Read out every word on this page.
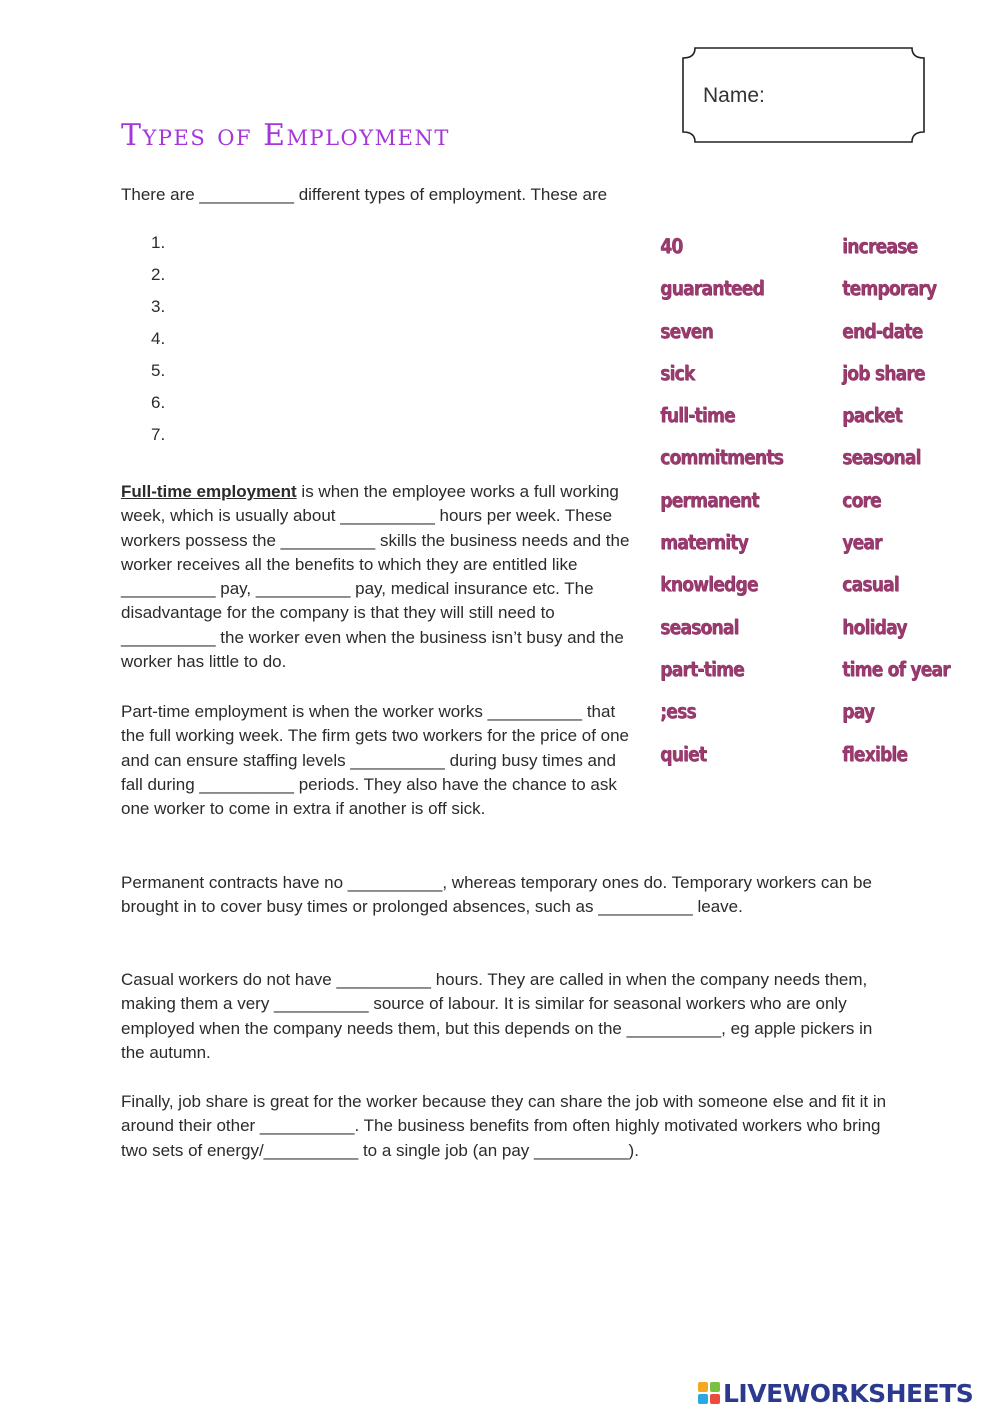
Name:
Types of Employment
There are __________ different types of employment. These are
1.
2.
3.
4.
5.
6.
7.

Full-time employment is when the employee works a full working week, which is usually about __________ hours per week. These workers possess the __________ skills the business needs and the worker receives all the benefits to which they are entitled like __________ pay, __________ pay, medical insurance etc. The disadvantage for the company is that they will still need to __________ the worker even when the business isn’t busy and the worker has little to do.

Part-time employment is when the worker works __________ that the full working week. The firm gets two workers for the price of one and can ensure staffing levels __________ during busy times and fall during __________ periods. They also have the chance to ask one worker to come in extra if another is off sick.

Permanent contracts have no __________, whereas temporary ones do. Temporary workers can be brought in to cover busy times or prolonged absences, such as __________ leave.

Casual workers do not have __________ hours. They are called in when the company needs them, making them a very __________ source of labour. It is similar for seasonal workers who are only employed when the company needs them, but this depends on the __________, eg apple pickers in the autumn.

Finally, job share is great for the worker because they can share the job with someone else and fit it in around their other __________. The business benefits from often highly motivated workers who bring two sets of energy/__________ to a single job (an pay __________).

40	increase
guaranteed	temporary
seven	end-date
sick	job share
full-time	packet
commitments	seasonal
permanent	core
maternity	year
knowledge	casual
seasonal	holiday
part-time	time of year
;ess	pay
quiet	flexible
LIVEWORKSHEETS
